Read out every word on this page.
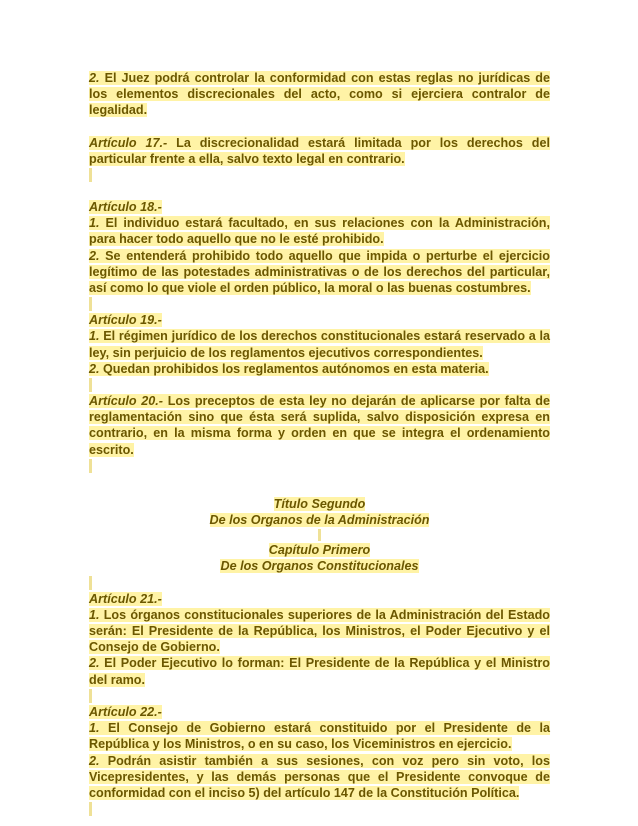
2. El Juez podrá controlar la conformidad con estas reglas no jurídicas de los elementos discrecionales del acto, como si ejerciera contralor de legalidad.

Artículo 17.- La discrecionalidad estará limitada por los derechos del particular frente a ella, salvo texto legal en contrario.

Artículo 18.-

1. El individuo estará facultado, en sus relaciones con la Administración, para hacer todo aquello que no le esté prohibido.

2. Se entenderá prohibido todo aquello que impida o perturbe el ejercicio legítimo de las potestades administrativas o de los derechos del particular, así como lo que viole el orden público, la moral o las buenas costumbres.

Artículo 19.-

1. El régimen jurídico de los derechos constitucionales estará reservado a la ley, sin perjuicio de los reglamentos ejecutivos correspondientes.

2. Quedan prohibidos los reglamentos autónomos en esta materia.

Artículo 20.- Los preceptos de esta ley no dejarán de aplicarse por falta de reglamentación sino que ésta será suplida, salvo disposición expresa en contrario, en la misma forma y orden en que se integra el ordenamiento escrito.

Título Segundo

De los Organos de la Administración

Capítulo Primero

De los Organos Constitucionales

Artículo 21.-

1. Los órganos constitucionales superiores de la Administración del Estado serán: El Presidente de la República, los Ministros, el Poder Ejecutivo y el Consejo de Gobierno.

2. El Poder Ejecutivo lo forman: El Presidente de la República y el Ministro del ramo.

Artículo 22.-

1. El Consejo de Gobierno estará constituido por el Presidente de la República y los Ministros, o en su caso, los Viceministros en ejercicio.

2. Podrán asistir también a sus sesiones, con voz pero sin voto, los Vicepresidentes, y las demás personas que el Presidente convoque de conformidad con el inciso 5) del artículo 147 de la Constitución Política.
